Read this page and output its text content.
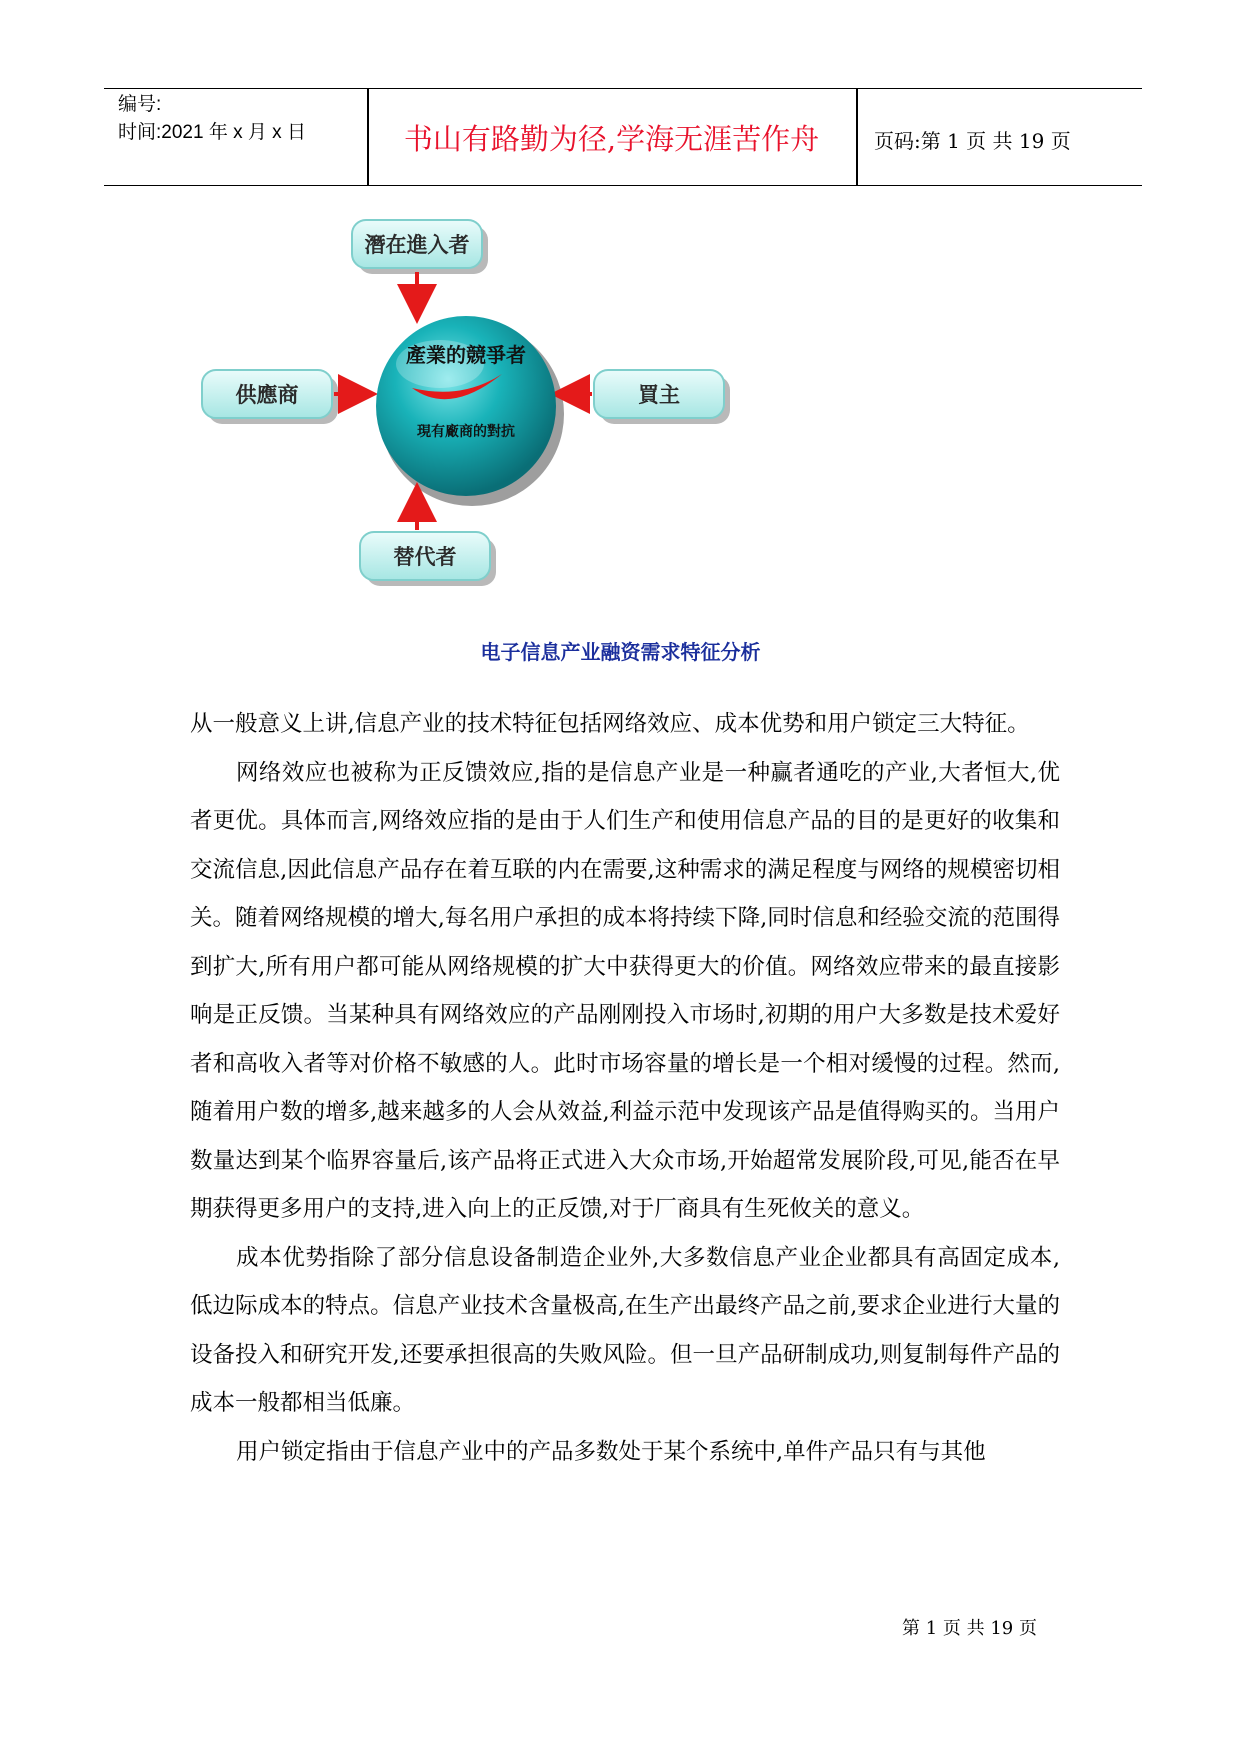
编号:
时间:2021 年 x 月 x 日	书山有路勤为径,学海无涯苦作舟	页码:第 1 页 共 19 页
潛在進入者
供應商	買主
替代者
產業的競爭者
現有廠商的對抗
电子信息产业融资需求特征分析

从一般意义上讲,信息产业的技术特征包括网络效应、成本优势和用户锁定三大特征。

网络效应也被称为正反馈效应,指的是信息产业是一种赢者通吃的产业,大者恒大,优者更优。具体而言,网络效应指的是由于人们生产和使用信息产品的目的是更好的收集和交流信息,因此信息产品存在着互联的内在需要,这种需求的满足程度与网络的规模密切相关。随着网络规模的增大,每名用户承担的成本将持续下降,同时信息和经验交流的范围得到扩大,所有用户都可能从网络规模的扩大中获得更大的价值。网络效应带来的最直接影响是正反馈。当某种具有网络效应的产品刚刚投入市场时,初期的用户大多数是技术爱好者和高收入者等对价格不敏感的人。此时市场容量的增长是一个相对缓慢的过程。然而,随着用户数的增多,越来越多的人会从效益,利益示范中发现该产品是值得购买的。当用户数量达到某个临界容量后,该产品将正式进入大众市场,开始超常发展阶段,可见,能否在早期获得更多用户的支持,进入向上的正反馈,对于厂商具有生死攸关的意义。

成本优势指除了部分信息设备制造企业外,大多数信息产业企业都具有高固定成本,低边际成本的特点。信息产业技术含量极高,在生产出最终产品之前,要求企业进行大量的设备投入和研究开发,还要承担很高的失败风险。但一旦产品研制成功,则复制每件产品的成本一般都相当低廉。

用户锁定指由于信息产业中的产品多数处于某个系统中,单件产品只有与其他

第 1 页 共 19 页
